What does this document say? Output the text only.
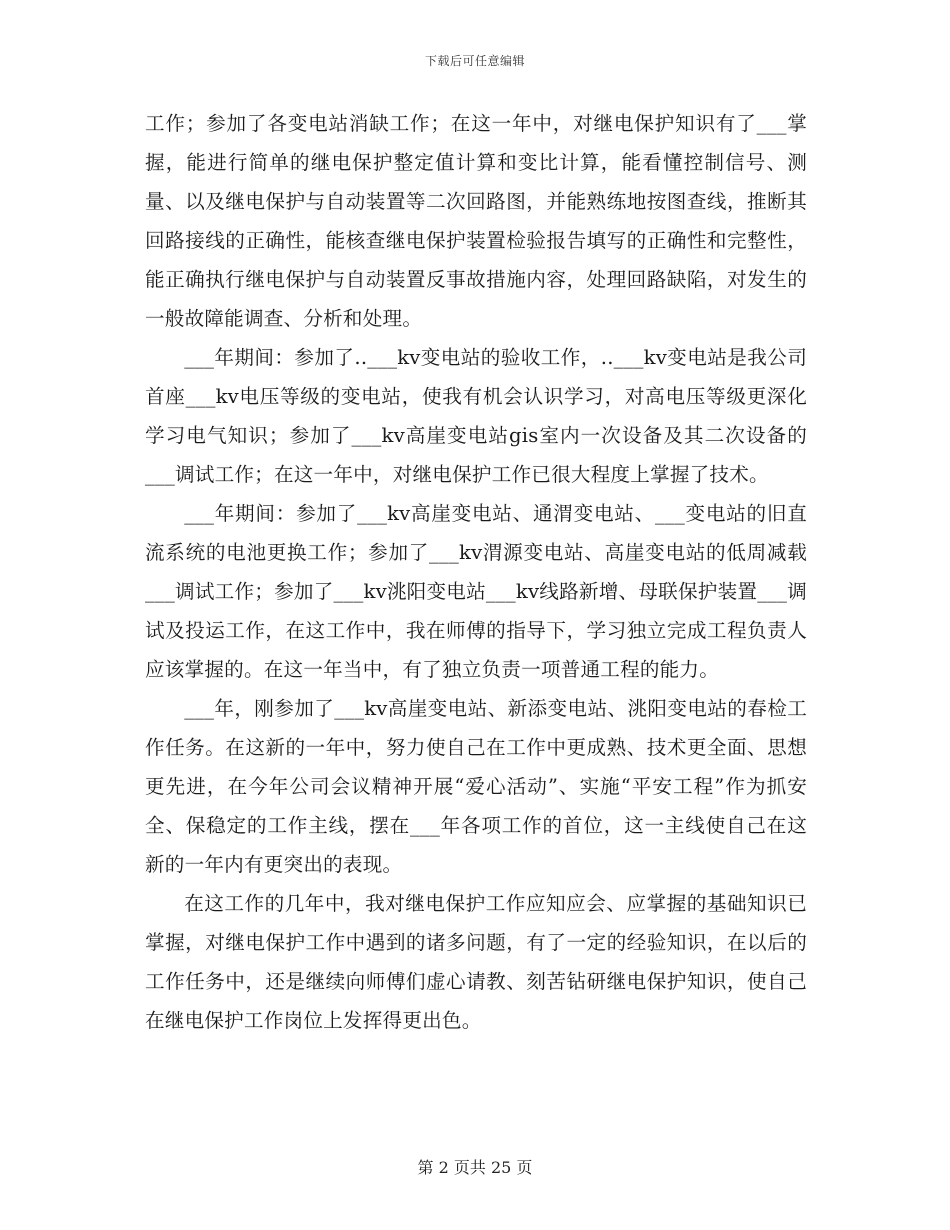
下载后可任意编辑

工作；参加了各变电站消缺工作；在这一年中，对继电保护知识有了___掌握，能进行简单的继电保护整定值计算和变比计算，能看懂控制信号、测量、以及继电保护与自动装置等二次回路图，并能熟练地按图查线，推断其回路接线的正确性，能核查继电保护装置检验报告填写的正确性和完整性，能正确执行继电保护与自动装置反事故措施内容，处理回路缺陷，对发生的一般故障能调查、分析和处理。

___年期间：参加了..___kv变电站的验收工作，..___kv变电站是我公司首座___kv电压等级的变电站，使我有机会认识学习，对高电压等级更深化学习电气知识；参加了___kv高崖变电站gis室内一次设备及其二次设备的___调试工作；在这一年中，对继电保护工作已很大程度上掌握了技术。

___年期间：参加了___kv高崖变电站、通渭变电站、___变电站的旧直流系统的电池更换工作；参加了___kv渭源变电站、高崖变电站的低周减载___调试工作；参加了___kv洮阳变电站___kv线路新增、母联保护装置___调试及投运工作，在这工作中，我在师傅的指导下，学习独立完成工程负责人应该掌握的。在这一年当中，有了独立负责一项普通工程的能力。

___年，刚参加了___kv高崖变电站、新添变电站、洮阳变电站的春检工作任务。在这新的一年中，努力使自己在工作中更成熟、技术更全面、思想更先进，在今年公司会议精神开展“爱心活动”、实施“平安工程”作为抓安全、保稳定的工作主线，摆在___年各项工作的首位，这一主线使自己在这新的一年内有更突出的表现。

在这工作的几年中，我对继电保护工作应知应会、应掌握的基础知识已掌握，对继电保护工作中遇到的诸多问题，有了一定的经验知识，在以后的工作任务中，还是继续向师傅们虚心请教、刻苦钻研继电保护知识，使自己在继电保护工作岗位上发挥得更出色。

第 2 页共 25 页
